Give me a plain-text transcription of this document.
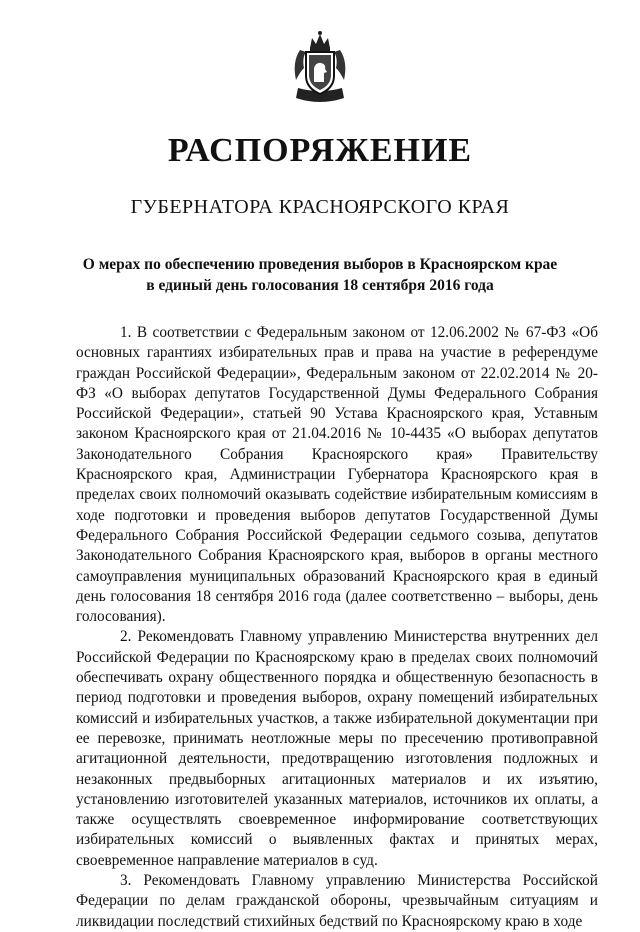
РАСПОРЯЖЕНИЕ
ГУБЕРНАТОРА КРАСНОЯРСКОГО КРАЯ
О мерах по обеспечению проведения выборов в Красноярском крае
в единый день голосования 18 сентября 2016 года

1. В соответствии с Федеральным законом от 12.06.2002 № 67-ФЗ «Об основных гарантиях избирательных прав и права на участие в референдуме граждан Российской Федерации», Федеральным законом от 22.02.2014 № 20-ФЗ «О выборах депутатов Государственной Думы Федерального Собрания Российской Федерации», статьей 90 Устава Красноярского края, Уставным законом Красноярского края от 21.04.2016 № 10-4435 «О выборах депутатов Законодательного Собрания Красноярского края» Правительству Красноярского края, Администрации Губернатора Красноярского края в пределах своих полномочий оказывать содействие избирательным комиссиям в ходе подготовки и проведения выборов депутатов Государственной Думы Федерального Собрания Российской Федерации седьмого созыва, депутатов Законодательного Собрания Красноярского края, выборов в органы местного самоуправления муниципальных образований Красноярского края в единый день голосования 18 сентября 2016 года (далее соответственно – выборы, день голосования).

2. Рекомендовать Главному управлению Министерства внутренних дел Российской Федерации по Красноярскому краю в пределах своих полномочий обеспечивать охрану общественного порядка и общественную безопасность в период подготовки и проведения выборов, охрану помещений избирательных комиссий и избирательных участков, а также избирательной документации при ее перевозке, принимать неотложные меры по пресечению противоправной агитационной деятельности, предотвращению изготовления подложных и незаконных предвыборных агитационных материалов и их изъятию, установлению изготовителей указанных материалов, источников их оплаты, а также осуществлять своевременное информирование соответствующих избирательных комиссий о выявленных фактах и принятых мерах, своевременное направление материалов в суд.

3. Рекомендовать Главному управлению Министерства Российской Федерации по делам гражданской обороны, чрезвычайным ситуациям и ликвидации последствий стихийных бедствий по Красноярскому краю в ходе
